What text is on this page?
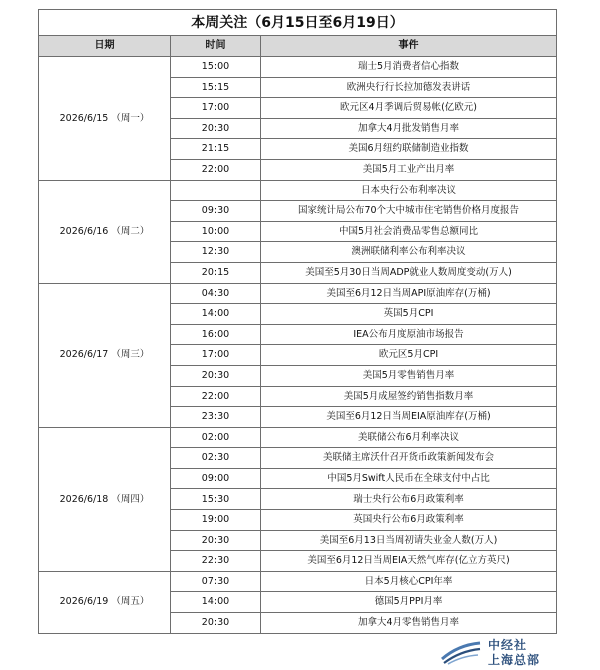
本周关注（6月15日至6月19日）		
日期	时间	事件
2026/6/15 （周一）	15:00	瑞士5月消费者信心指数
	15:15	欧洲央行行长拉加德发表讲话
	17:00	欧元区4月季调后贸易帐(亿欧元)
	20:30	加拿大4月批发销售月率
	21:15	美国6月纽约联储制造业指数
	22:00	美国5月工业产出月率
2026/6/16 （周二）		日本央行公布利率决议
	09:30	国家统计局公布70个大中城市住宅销售价格月度报告
	10:00	中国5月社会消费品零售总额同比
	12:30	澳洲联储利率公布利率决议
	20:15	美国至5月30日当周ADP就业人数周度变动(万人)
2026/6/17 （周三）	04:30	美国至6月12日当周API原油库存(万桶)
	14:00	英国5月CPI
	16:00	IEA公布月度原油市场报告
	17:00	欧元区5月CPI
	20:30	美国5月零售销售月率
	22:00	美国5月成屋签约销售指数月率
	23:30	美国至6月12日当周EIA原油库存(万桶)
2026/6/18 （周四）	02:00	美联储公布6月利率决议
	02:30	美联储主席沃什召开货币政策新闻发布会
	09:00	中国5月Swift人民币在全球支付中占比
	15:30	瑞士央行公布6月政策利率
	19:00	英国央行公布6月政策利率
	20:30	美国至6月13日当周初请失业金人数(万人)
	22:30	美国至6月12日当周EIA天然气库存(亿立方英尺)
2026/6/19 （周五）	07:30	日本5月核心CPI年率
	14:00	德国5月PPI月率
	20:30	加拿大4月零售销售月率
中经社
上海总部
